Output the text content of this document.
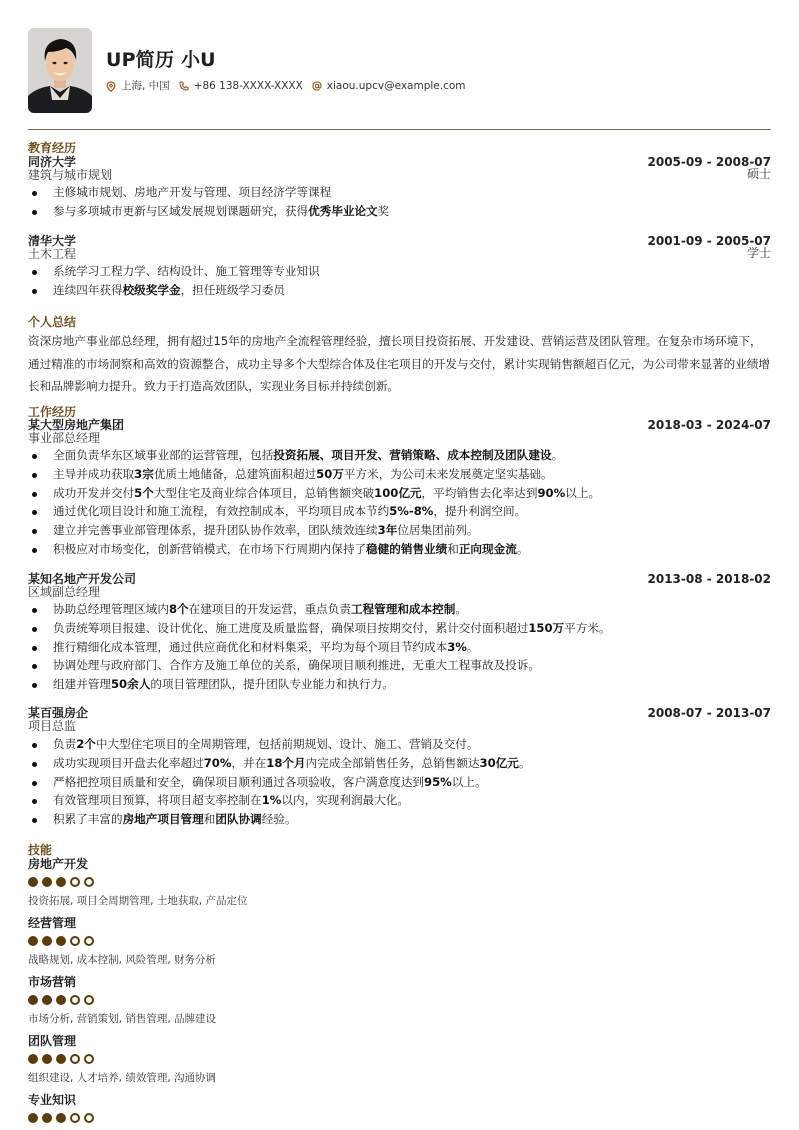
UP简历 小U
上海, 中国 +86 138-XXXX-XXXX xiaou.upcv@example.com
教育经历
同济大学
建筑与城市规划
2005-09 - 2008-07
硕士
主修城市规划、房地产开发与管理、项目经济学等课程
参与多项城市更新与区域发展规划课题研究，获得优秀毕业论文奖
清华大学
土木工程
2001-09 - 2005-07
学士
系统学习工程力学、结构设计、施工管理等专业知识
连续四年获得校级奖学金，担任班级学习委员
个人总结
资深房地产事业部总经理，拥有超过15年的房地产全流程管理经验，擅长项目投资拓展、开发建设、营销运营及团队管理。在复杂市场环境下，通过精准的市场洞察和高效的资源整合，成功主导多个大型综合体及住宅项目的开发与交付，累计实现销售额超百亿元，为公司带来显著的业绩增长和品牌影响力提升。致力于打造高效团队，实现业务目标并持续创新。
工作经历
某大型房地产集团
事业部总经理
2018-03 - 2024-07
全面负责华东区域事业部的运营管理，包括投资拓展、项目开发、营销策略、成本控制及团队建设。
主导并成功获取3宗优质土地储备，总建筑面积超过50万平方米，为公司未来发展奠定坚实基础。
成功开发并交付5个大型住宅及商业综合体项目，总销售额突破100亿元，平均销售去化率达到90%以上。
通过优化项目设计和施工流程，有效控制成本，平均项目成本节约5%-8%，提升利润空间。
建立并完善事业部管理体系，提升团队协作效率，团队绩效连续3年位居集团前列。
积极应对市场变化，创新营销模式，在市场下行周期内保持了稳健的销售业绩和正向现金流。
某知名地产开发公司
区域副总经理
2013-08 - 2018-02
协助总经理管理区域内8个在建项目的开发运营，重点负责工程管理和成本控制。
负责统筹项目报建、设计优化、施工进度及质量监督，确保项目按期交付，累计交付面积超过150万平方米。
推行精细化成本管理，通过供应商优化和材料集采，平均为每个项目节约成本3%。
协调处理与政府部门、合作方及施工单位的关系，确保项目顺利推进，无重大工程事故及投诉。
组建并管理50余人的项目管理团队，提升团队专业能力和执行力。
某百强房企
项目总监
2008-07 - 2013-07
负责2个中大型住宅项目的全周期管理，包括前期规划、设计、施工、营销及交付。
成功实现项目开盘去化率超过70%，并在18个月内完成全部销售任务，总销售额达30亿元。
严格把控项目质量和安全，确保项目顺利通过各项验收，客户满意度达到95%以上。
有效管理项目预算，将项目超支率控制在1%以内，实现利润最大化。
积累了丰富的房地产项目管理和团队协调经验。
技能
房地产开发
投资拓展, 项目全周期管理, 土地获取, 产品定位
经营管理
战略规划, 成本控制, 风险管理, 财务分析
市场营销
市场分析, 营销策划, 销售管理, 品牌建设
团队管理
组织建设, 人才培养, 绩效管理, 沟通协调
专业知识
